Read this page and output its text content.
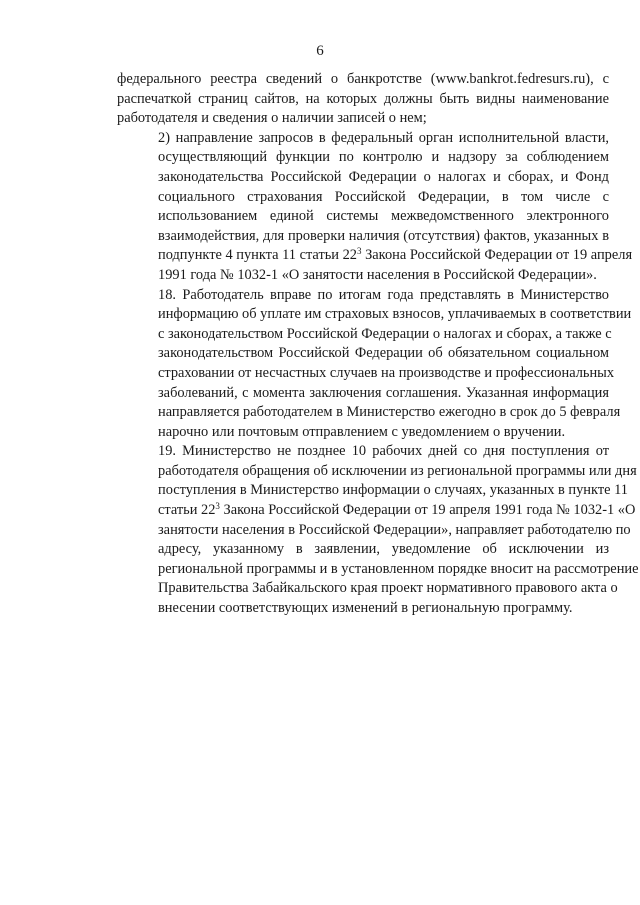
6
федерального реестра сведений о банкротстве (www.bankrot.fedresurs.ru), с
распечаткой страниц сайтов, на которых должны быть видны наименование
работодателя и сведения о наличии записей о нем;
2) направление запросов в федеральный орган исполнительной власти,
осуществляющий функции по контролю и надзору за соблюдением
законодательства Российской Федерации о налогах и сборах, и Фонд
социального страхования Российской Федерации, в том числе с
использованием единой системы межведомственного электронного
взаимодействия, для проверки наличия (отсутствия) фактов, указанных в
подпункте 4 пункта 11 статьи $22^3$ Закона Российской Федерации от 19 апреля
1991 года № 1032-1 «О занятости населения в Российской Федерации».
18. Работодатель вправе по итогам года представлять в Министерство
информацию об уплате им страховых взносов, уплачиваемых в соответствии
с законодательством Российской Федерации о налогах и сборах, а также с
законодательством Российской Федерации об обязательном социальном
страховании от несчастных случаев на производстве и профессиональных
заболеваний, с момента заключения соглашения. Указанная информация
направляется работодателем в Министерство ежегодно в срок до 5 февраля
нарочно или почтовым отправлением с уведомлением о вручении.
19. Министерство не позднее 10 рабочих дней со дня поступления от
работодателя обращения об исключении из региональной программы или дня
поступления в Министерство информации о случаях, указанных в пункте 11
статьи $22^3$ Закона Российской Федерации от 19 апреля 1991 года № 1032-1 «О
занятости населения в Российской Федерации», направляет работодателю по
адресу, указанному в заявлении, уведомление об исключении из
региональной программы и в установленном порядке вносит на рассмотрение
Правительства Забайкальского края проект нормативного правового акта о
внесении соответствующих изменений в региональную программу.
